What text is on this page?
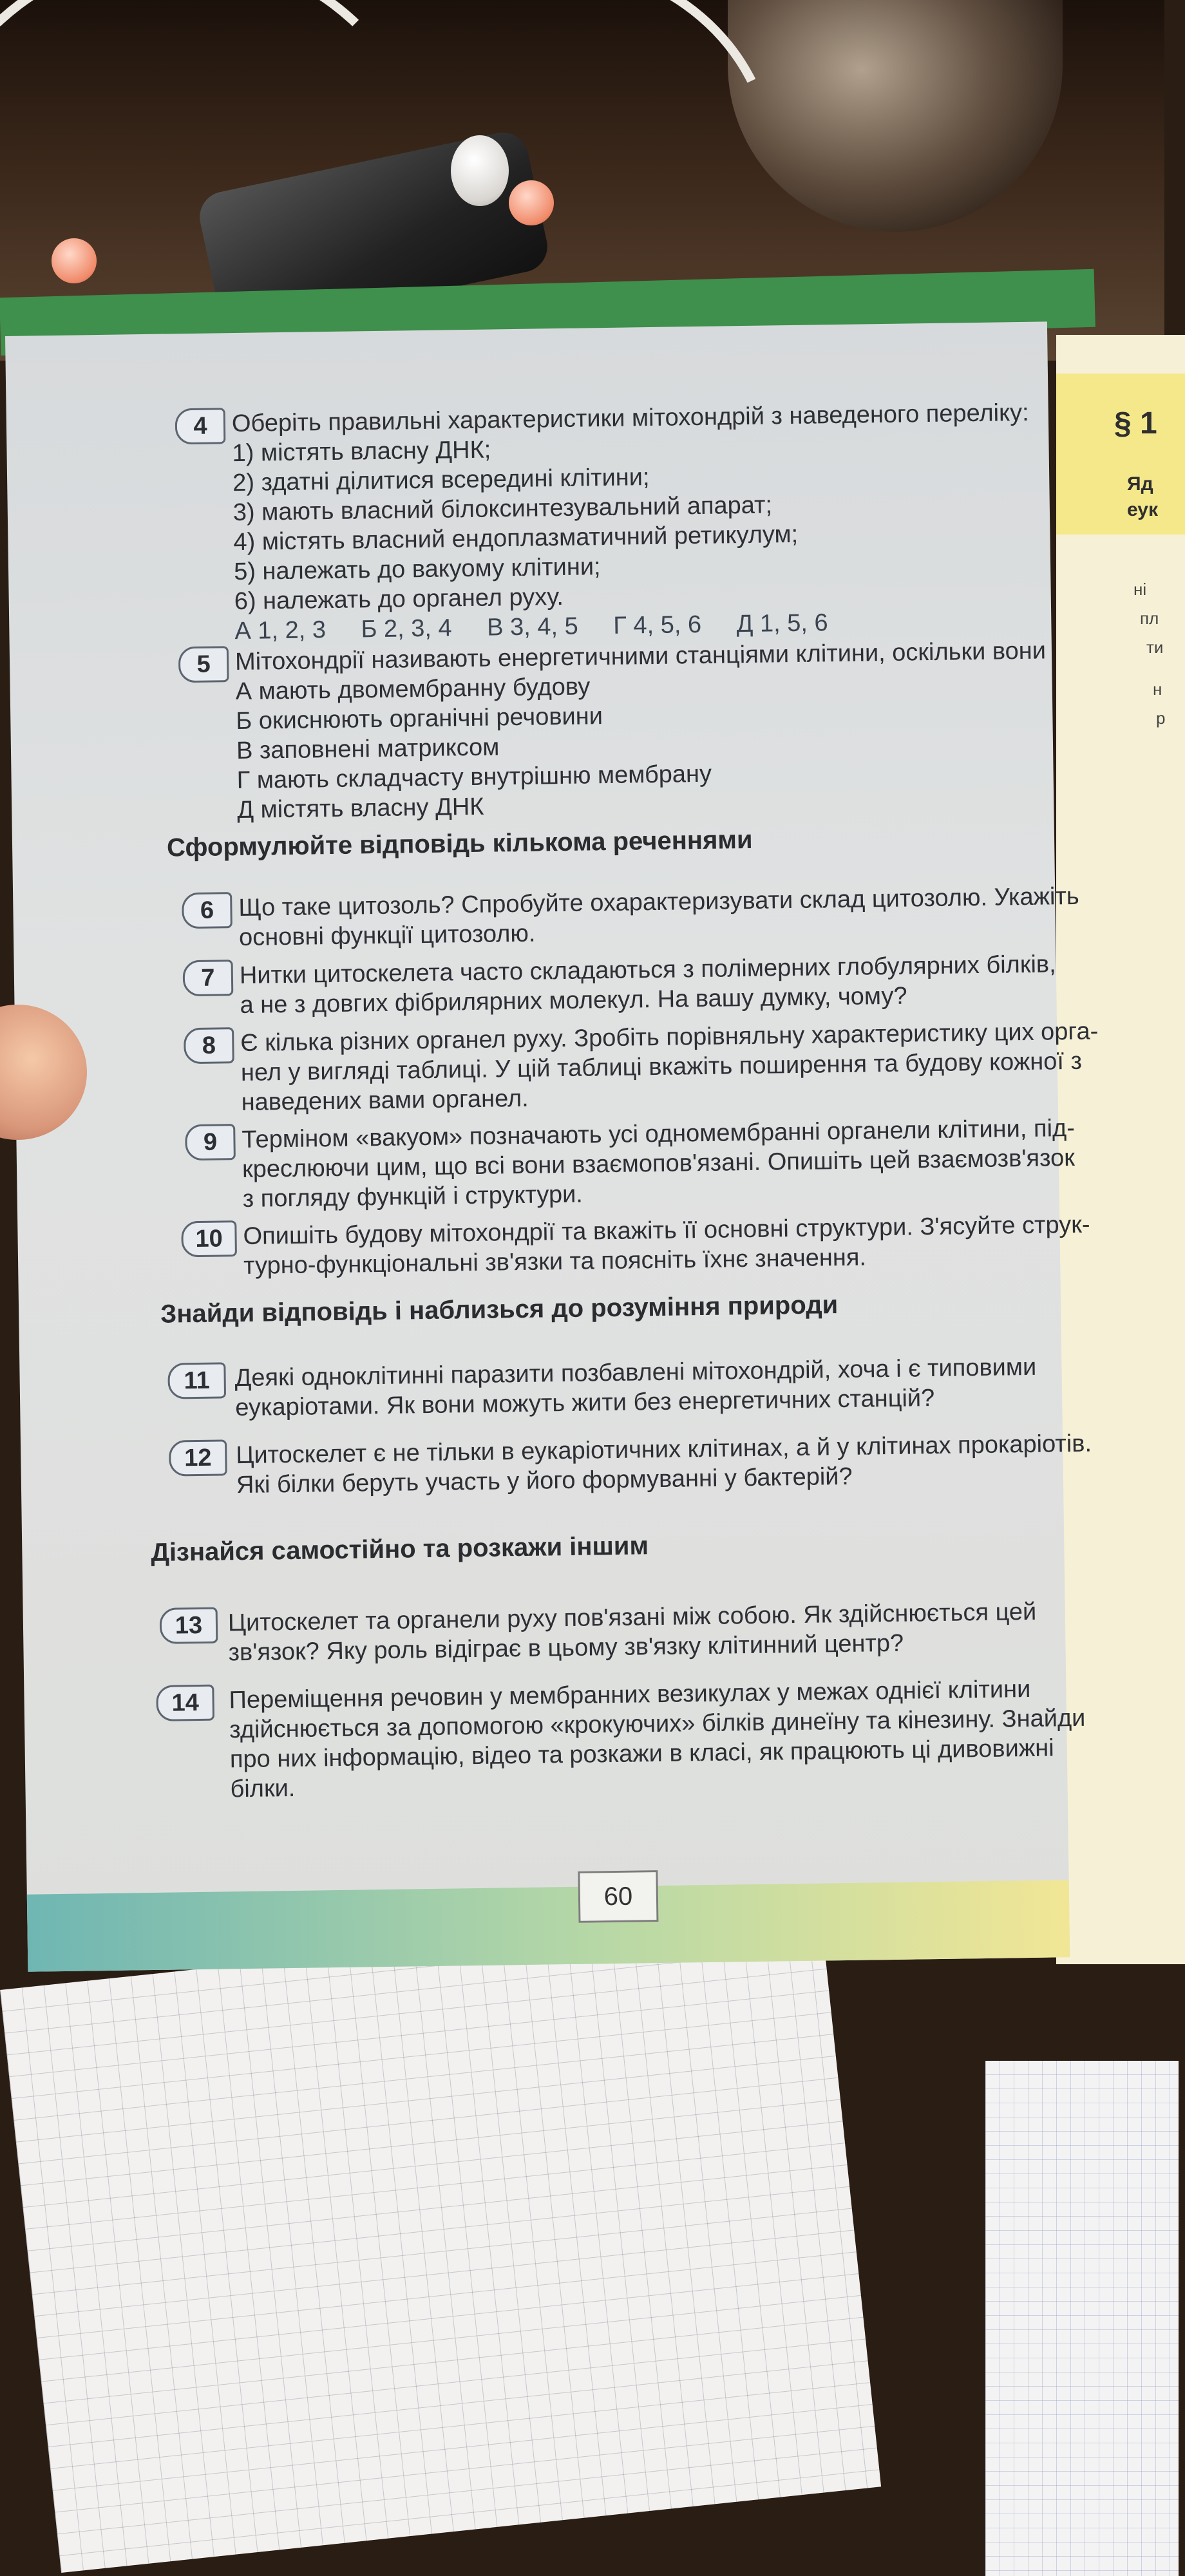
§ 1
Яд
еук
ні
пл
ти
н
р
4 Оберіть правильні характеристики мітохондрій з наведеного переліку:
1) містять власну ДНК;
2) здатні ділитися всередині клітини;
3) мають власний білоксинтезувальний апарат;
4) містять власний ендоплазматичний ретикулум;
5) належать до вакуому клітини;
6) належать до органел руху.
А 1, 2, 3 Б 2, 3, 4 В 3, 4, 5 Г 4, 5, 6 Д 1, 5, 6
5 Мітохондрії називають енергетичними станціями клітини, оскільки вони
А мають двомембранну будову
Б окиснюють органічні речовини
В заповнені матриксом
Г мають складчасту внутрішню мембрану
Д містять власну ДНК
Сформулюйте відповідь кількома реченнями
6 Що таке цитозоль? Спробуйте охарактеризувати склад цитозолю. Укажіть
основні функції цитозолю.
7 Нитки цитоскелета часто складаються з полімерних глобулярних білків,
а не з довгих фібрилярних молекул. На вашу думку, чому?
8 Є кілька різних органел руху. Зробіть порівняльну характеристику цих орга-
нел у вигляді таблиці. У цій таблиці вкажіть поширення та будову кожної з
наведених вами органел.
9 Терміном «вакуом» позначають усі одномембранні органели клітини, під-
креслюючи цим, що всі вони взаємопов'язані. Опишіть цей взаємозв'язок
з погляду функцій і структури.
10 Опишіть будову мітохондрії та вкажіть її основні структури. З'ясуйте струк-
турно-функціональні зв'язки та поясніть їхнє значення.
Знайди відповідь і наблизься до розуміння природи
11	Деякі одноклітинні паразити позбавлені мітохондрій, хоча і є типовими
еукаріотами. Як вони можуть жити без енергетичних станцій?
12 Цитоскелет є не тільки в еукаріотичних клітинах, а й у клітинах прокаріотів.
Які білки беруть участь у його формуванні у бактерій?
Дізнайся самостійно та розкажи іншим
13	Цитоскелет та органели руху пов'язані між собою. Як здійснюється цей
зв'язок? Яку роль відіграє в цьому зв'язку клітинний центр?
14	Переміщення речовин у мембранних везикулах у межах однієї клітини
здійснюється за допомогою «крокуючих» білків динеїну та кінезину. Знайди
про них інформацію, відео та розкажи в класі, як працюють ці дивовижні
білки.
60
